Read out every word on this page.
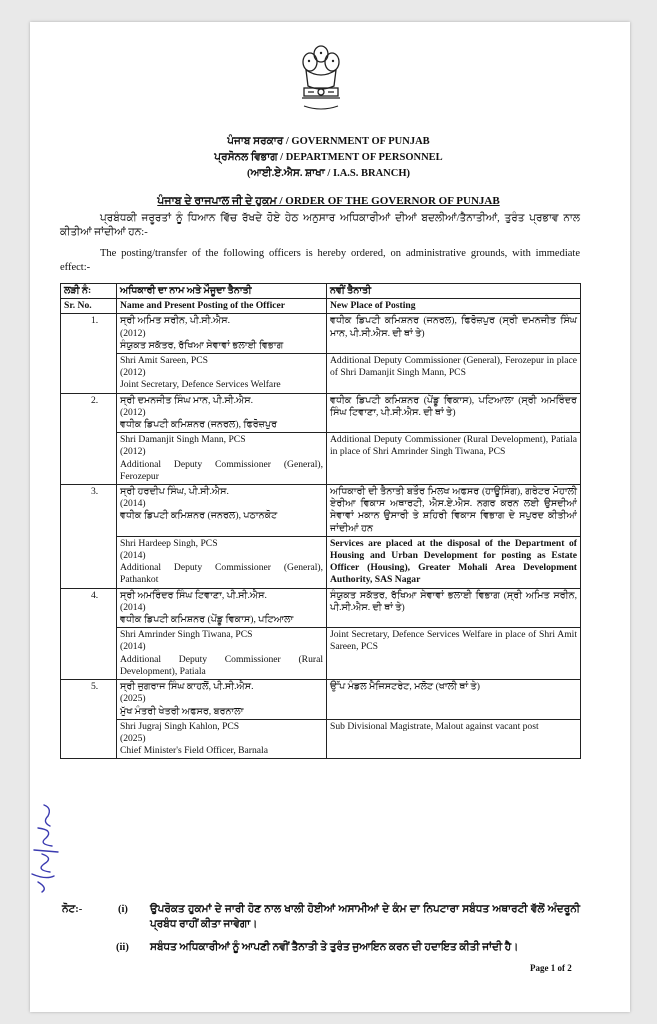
ਪੰਜਾਬ ਸਰਕਾਰ / GOVERNMENT OF PUNJAB
ਪ੍ਰਸੋਨਲ ਵਿਭਾਗ / DEPARTMENT OF PERSONNEL
(ਆਈ.ਏ.ਐਸ. ਸ਼ਾਖਾ / I.A.S. BRANCH)
ਪੰਜਾਬ ਦੇ ਰਾਜਪਾਲ ਜੀ ਦੇ ਹੁਕਮ / ORDER OF THE GOVERNOR OF PUNJAB
ਪ੍ਰਬੰਧਕੀ ਜਰੂਰਤਾਂ ਨੂੰ ਧਿਆਨ ਵਿੱਚ ਰੱਖਦੇ ਹੋਏ ਹੇਠ ਅਨੁਸਾਰ ਅਧਿਕਾਰੀਆਂ ਦੀਆਂ ਬਦਲੀਆਂ/ਤੈਨਾਤੀਆਂ, ਤੁਰੰਤ ਪ੍ਰਭਾਵ ਨਾਲ ਕੀਤੀਆਂ ਜਾਂਦੀਆਂ ਹਨ:-
The posting/transfer of the following officers is hereby ordered, on administrative grounds, with immediate effect:-
ਲੜੀ ਨੰ:	ਅਧਿਕਾਰੀ ਦਾ ਨਾਮ ਅਤੇ ਮੌਜੂਦਾ ਤੈਨਾਤੀ	ਨਵੀਂ ਤੈਨਾਤੀ
Sr. No.	Name and Present Posting of the Officer	New Place of Posting
1.	ਸ੍ਰੀ ਅਮਿਤ ਸਰੀਨ, ਪੀ.ਸੀ.ਐਸ.
(2012)
ਸੰਯੁਕਤ ਸਕੱਤਰ, ਰੱਖਿਆ ਸੇਵਾਵਾਂ ਭਲਾਈ ਵਿਭਾਗ	ਵਧੀਕ ਡਿਪਟੀ ਕਮਿਸ਼ਨਰ (ਜਨਰਲ), ਫਿਰੋਜ਼ਪੁਰ (ਸ੍ਰੀ ਦਮਨਜੀਤ ਸਿੰਘ ਮਾਨ, ਪੀ.ਸੀ.ਐਸ. ਦੀ ਥਾਂ ਤੇ)

	Shri Amit Sareen, PCS
(2012)
Joint Secretary, Defence Services Welfare	Additional Deputy Commissioner (General), Ferozepur in place of Shri Damanjit Singh Mann, PCS
2.	ਸ੍ਰੀ ਦਮਨਜੀਤ ਸਿੰਘ ਮਾਨ, ਪੀ.ਸੀ.ਐਸ.
(2012)
ਵਧੀਕ ਡਿਪਟੀ ਕਮਿਸ਼ਨਰ (ਜਨਰਲ), ਫਿਰੋਜ਼ਪੁਰ	ਵਧੀਕ ਡਿਪਟੀ ਕਮਿਸ਼ਨਰ (ਪੇਂਡੂ ਵਿਕਾਸ), ਪਟਿਆਲਾ (ਸ੍ਰੀ ਅਮਰਿੰਦਰ ਸਿੰਘ ਟਿਵਾਣਾ, ਪੀ.ਸੀ.ਐਸ. ਦੀ ਥਾਂ ਤੇ)

	Shri Damanjit Singh Mann, PCS
(2012)
Additional Deputy Commissioner (General), Ferozepur	Additional Deputy Commissioner (Rural Development), Patiala in place of Shri Amrinder Singh Tiwana, PCS
3.	ਸ੍ਰੀ ਹਰਦੀਪ ਸਿੰਘ, ਪੀ.ਸੀ.ਐਸ.
(2014)
ਵਧੀਕ ਡਿਪਟੀ ਕਮਿਸ਼ਨਰ (ਜਨਰਲ), ਪਠਾਨਕੋਟ	ਅਧਿਕਾਰੀ ਦੀ ਤੈਨਾਤੀ ਬਤੌਰ ਮਿਲਖ ਅਫਸਰ (ਹਾਊਸਿੰਗ), ਗਰੇਟਰ ਮੋਹਾਲੀ ਏਰੀਆ ਵਿਕਾਸ ਅਥਾਰਟੀ, ਐਸ.ਏ.ਐਸ. ਨਗਰ ਕਰਨ ਲਈ ਉਸਦੀਆਂ ਸੇਵਾਵਾਂ ਮਕਾਨ ਉਸਾਰੀ ਤੇ ਸ਼ਹਿਰੀ ਵਿਕਾਸ ਵਿਭਾਗ ਦੇ ਸਪੁਰਦ ਕੀਤੀਆਂ ਜਾਂਦੀਆਂ ਹਨ

	Shri Hardeep Singh, PCS
(2014)
Additional Deputy Commissioner (General), Pathankot	Services are placed at the disposal of the Department of Housing and Urban Development for posting as Estate Officer (Housing), Greater Mohali Area Development Authority, SAS Nagar
4.	ਸ੍ਰੀ ਅਮਰਿੰਦਰ ਸਿੰਘ ਟਿਵਾਣਾ, ਪੀ.ਸੀ.ਐਸ.
(2014)
ਵਧੀਕ ਡਿਪਟੀ ਕਮਿਸ਼ਨਰ (ਪੇਂਡੂ ਵਿਕਾਸ), ਪਟਿਆਲਾ	ਸੰਯੁਕਤ ਸਕੱਤਰ, ਰੱਖਿਆ ਸੇਵਾਵਾਂ ਭਲਾਈ ਵਿਭਾਗ (ਸ੍ਰੀ ਅਮਿਤ ਸਰੀਨ, ਪੀ.ਸੀ.ਐਸ. ਦੀ ਥਾਂ ਤੇ)

	Shri Amrinder Singh Tiwana, PCS
(2014)
Additional Deputy Commissioner (Rural Development), Patiala	Joint Secretary, Defence Services Welfare in place of Shri Amit Sareen, PCS
5.	ਸ੍ਰੀ ਜੁਗਰਾਜ ਸਿੰਘ ਕਾਹਲੋਂ, ਪੀ.ਸੀ.ਐਸ.
(2025)
ਮੁੱਖ ਮੰਤਰੀ ਖੇਤਰੀ ਅਫਸਰ, ਬਰਨਾਲਾ	ਉੱਪ ਮੰਡਲ ਮੈਜਿਸਟਰੇਟ, ਮਲੋਟ (ਖਾਲੀ ਥਾਂ ਤੇ)

	Shri Jugraj Singh Kahlon, PCS
(2025)
Chief Minister's Field Officer, Barnala	Sub Divisional Magistrate, Malout against vacant post
ਨੋਟ:-	(i)	ਉਪਰੋਕਤ ਹੁਕਮਾਂ ਦੇ ਜਾਰੀ ਹੋਣ ਨਾਲ ਖਾਲੀ ਹੋਈਆਂ ਅਸਾਮੀਆਂ ਦੇ ਕੰਮ ਦਾ ਨਿਪਟਾਰਾ ਸਬੰਧਤ ਅਥਾਰਟੀ ਵੱਲੋਂ ਅੰਦਰੂਨੀ ਪ੍ਰਬੰਧ ਰਾਹੀਂ ਕੀਤਾ ਜਾਵੇਗਾ।
(ii)	ਸਬੰਧਤ ਅਧਿਕਾਰੀਆਂ ਨੂੰ ਆਪਣੀ ਨਵੀਂ ਤੈਨਾਤੀ ਤੇ ਤੁਰੰਤ ਜੁਆਇਨ ਕਰਨ ਦੀ ਹਦਾਇਤ ਕੀਤੀ ਜਾਂਦੀ ਹੈ।
Page 1 of 2
